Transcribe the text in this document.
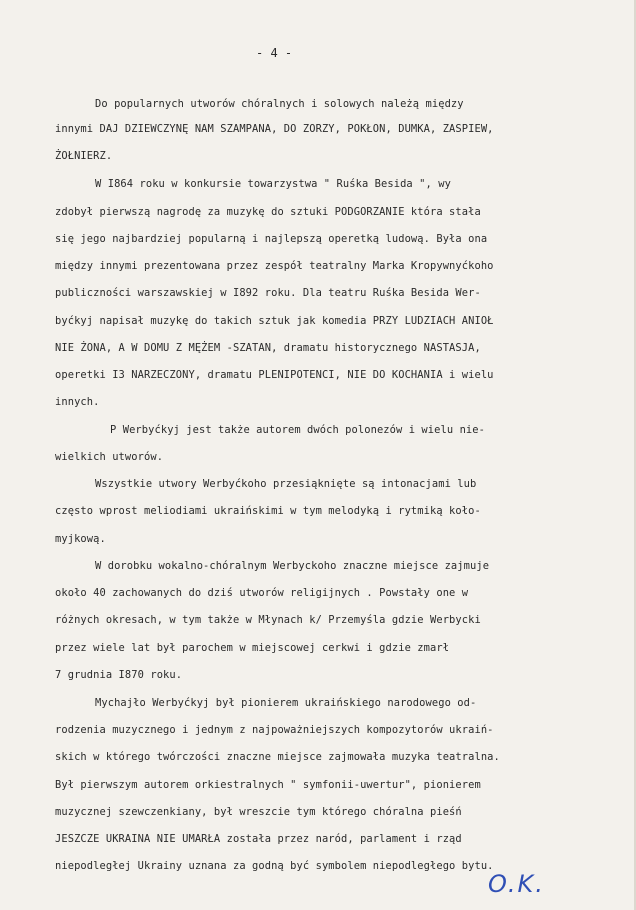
- 4 -
Do popularnych utworów chóralnych i solowych należą między
innymi DAJ DZIEWCZYNĘ NAM SZAMPANA, DO ZORZY, POKŁON, DUMKA, ZASPIEW,
ŻOŁNIERZ.
W I864 roku w konkursie towarzystwa " Ruśka Besida ", wy
zdobył pierwszą nagrodę za muzykę do sztuki PODGORZANIE która stała
się jego najbardziej popularną i najlepszą operetką ludową. Była ona
między innymi prezentowana przez zespół teatralny Marka Kropywnyćkoho
publiczności warszawskiej w I892 roku. Dla teatru Ruśka Besida Wer-
byćkyj napisał muzykę do takich sztuk jak komedia PRZY LUDZIACH ANIOŁ
NIE ŻONA, A W DOMU Z MĘŻEM -SZATAN, dramatu historycznego NASTASJA,
operetki I3 NARZECZONY, dramatu PLENIPOTENCI, NIE DO KOCHANIA i wielu
innych.
P Werbyćkyj jest także autorem dwóch polonezów i wielu nie-
wielkich utworów.
Wszystkie utwory Werbyćkoho przesiąknięte są intonacjami lub
często wprost meliodiami ukraińskimi w tym melodyką i rytmiką koło-
myjkową.
W dorobku wokalno-chóralnym Werbyckoho znaczne miejsce zajmuje
około 40 zachowanych do dziś utworów religijnych . Powstały one w
różnych okresach, w tym także w Młynach k/ Przemyśla gdzie Werbycki
przez wiele lat był parochem w miejscowej cerkwi i gdzie zmarł
7 grudnia I870 roku.
Mychajło Werbyćkyj był pionierem ukraińskiego narodowego od-
rodzenia muzycznego i jednym z najpoważniejszych kompozytorów ukraiń-
skich w którego twórczości znaczne miejsce zajmowała muzyka teatralna.
Był pierwszym autorem orkiestralnych " symfonii-uwertur", pionierem
muzycznej szewczenkiany, był wreszcie tym którego chóralna pieśń
JESZCZE UKRAINA NIE UMARŁA została przez naród, parlament i rząd
niepodległej Ukrainy uznana za godną być symbolem niepodległego bytu.
O.K.
